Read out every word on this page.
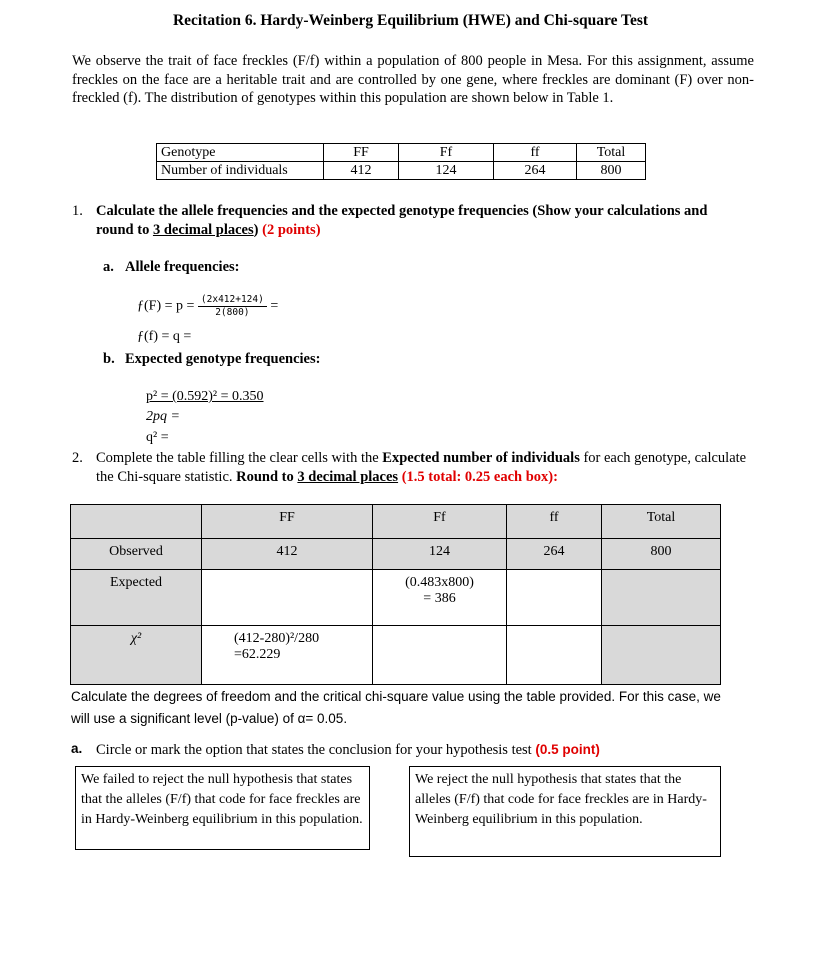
Recitation 6. Hardy-Weinberg Equilibrium (HWE) and Chi-square Test
We observe the trait of face freckles (F/f) within a population of 800 people in Mesa. For this assignment, assume freckles on the face are a heritable trait and are controlled by one gene, where freckles are dominant (F) over non-freckled (f). The distribution of genotypes within this population are shown below in Table 1.
Genotype	FF	Ff	ff	Total
Number of individuals	412	124	264	800
1. Calculate the allele frequencies and the expected genotype frequencies (Show your calculations and round to 3 decimal places) (2 points)
a. Allele frequencies:
ƒ(F) = $p = \frac{(2x412+124)}{2(800)}$ =
ƒ(f) = q =
b. Expected genotype frequencies:
p² = (0.592)² = 0.350
2pq =
q² =
2. Complete the table filling the clear cells with the Expected number of individuals for each genotype, calculate the Chi-square statistic. Round to 3 decimal places (1.5 total: 0.25 each box):
	FF	Ff	ff	Total
Observed	412	124	264	800
Expected		(0.483x800)
= 386		

χ²	(412-280)²/280
=62.229			

Calculate the degrees of freedom and the critical chi-square value using the table provided. For this case, we will use a significant level (p-value) of α= 0.05.
a. Circle or mark the option that states the conclusion for your hypothesis test (0.5 point)
We failed to reject the null hypothesis that states that the alleles (F/f) that code for face freckles are in Hardy-Weinberg equilibrium in this population.
We reject the null hypothesis that states that the alleles (F/f) that code for face freckles are in Hardy-Weinberg equilibrium in this population.
